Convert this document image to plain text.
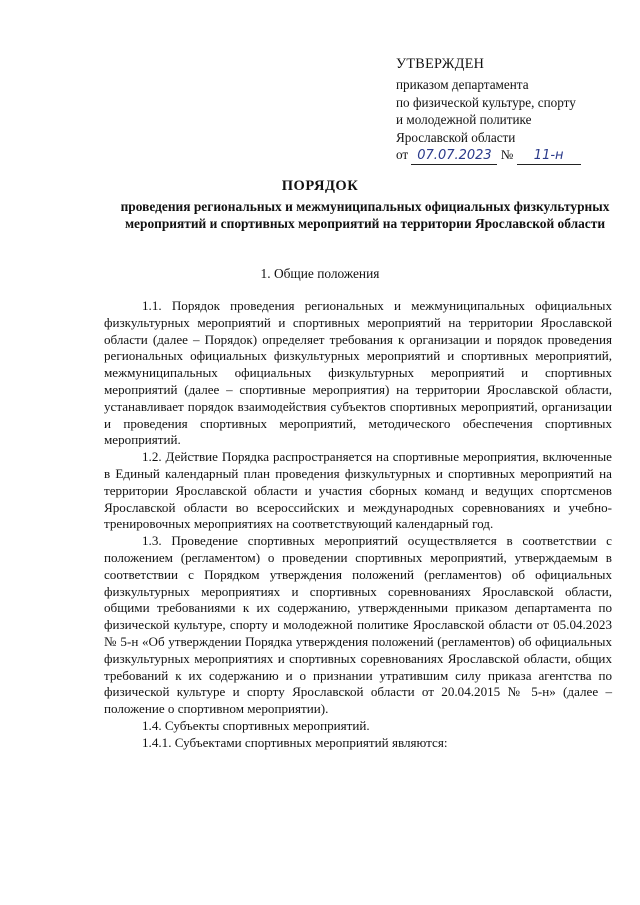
УТВЕРЖДЕН
приказом департамента
по физической культуре, спорту
и молодежной политике
Ярославской области
от 07.07.2023 № 11-н
ПОРЯДОК
проведения региональных и межмуниципальных официальных физкультурных мероприятий и спортивных мероприятий на территории Ярославской области
1. Общие положения

1.1. Порядок проведения региональных и межмуниципальных официальных физкультурных мероприятий и спортивных мероприятий на территории Ярославской области (далее – Порядок) определяет требования к организации и порядок проведения региональных официальных физкультурных мероприятий и спортивных мероприятий, межмуниципальных официальных физкультурных мероприятий и спортивных мероприятий (далее – спортивные мероприятия) на территории Ярославской области, устанавливает порядок взаимодействия субъектов спортивных мероприятий, организации и проведения спортивных мероприятий, методического обеспечения спортивных мероприятий.

1.2. Действие Порядка распространяется на спортивные мероприятия, включенные в Единый календарный план проведения физкультурных и спортивных мероприятий на территории Ярославской области и участия сборных команд и ведущих спортсменов Ярославской области во всероссийских и международных соревнованиях и учебно-тренировочных мероприятиях на соответствующий календарный год.

1.3. Проведение спортивных мероприятий осуществляется в соответствии с положением (регламентом) о проведении спортивных мероприятий, утверждаемым в соответствии с Порядком утверждения положений (регламентов) об официальных физкультурных мероприятиях и спортивных соревнованиях Ярославской области, общими требованиями к их содержанию, утвержденными приказом департамента по физической культуре, спорту и молодежной политике Ярославской области от 05.04.2023 № 5-н «Об утверждении Порядка утверждения положений (регламентов) об официальных физкультурных мероприятиях и спортивных соревнованиях Ярославской области, общих требований к их содержанию и о признании утратившим силу приказа агентства по физической культуре и спорту Ярославской области от 20.04.2015 № 5-н» (далее – положение о спортивном мероприятии).

1.4. Субъекты спортивных мероприятий.

1.4.1. Субъектами спортивных мероприятий являются:
